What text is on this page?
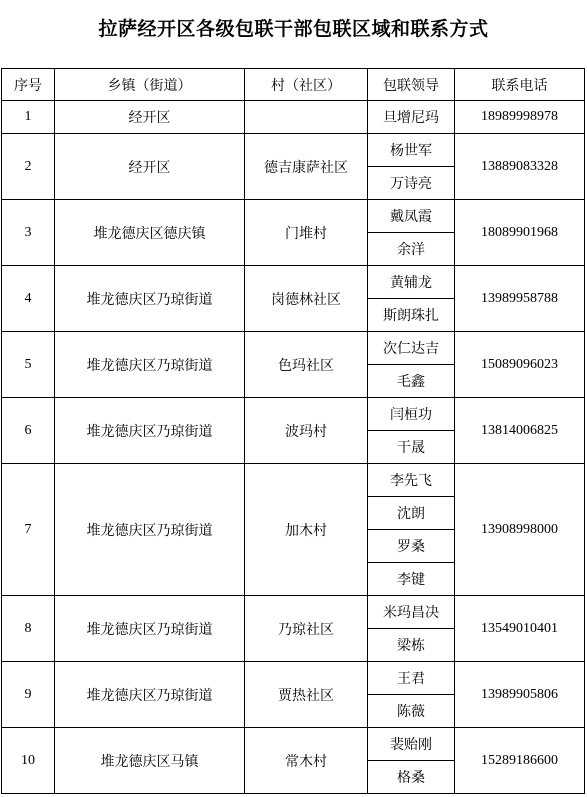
拉萨经开区各级包联干部包联区域和联系方式
序号	乡镇（街道）	村（社区）	包联领导	联系电话
1	经开区		旦增尼玛	18989998978
2	经开区	德吉康萨社区	杨世军	13889083328
			万诗亮	
3	堆龙德庆区德庆镇	门堆村	戴凤霞	18089901968
			余洋	
4	堆龙德庆区乃琼街道	岗德林社区	黄辅龙	13989958788
			斯朗珠扎	
5	堆龙德庆区乃琼街道	色玛社区	次仁达吉	15089096023
			毛鑫	
6	堆龙德庆区乃琼街道	波玛村	闫桓功	13814006825
			干晟	
7	堆龙德庆区乃琼街道	加木村	李先飞	13908998000
			沈朗	
			罗桑	
			李键	
8	堆龙德庆区乃琼街道	乃琼社区	米玛昌决	13549010401
			梁栋	
9	堆龙德庆区乃琼街道	贾热社区	王君	13989905806
			陈薇	
10	堆龙德庆区马镇	常木村	裴贻刚	15289186600
			格桑	
